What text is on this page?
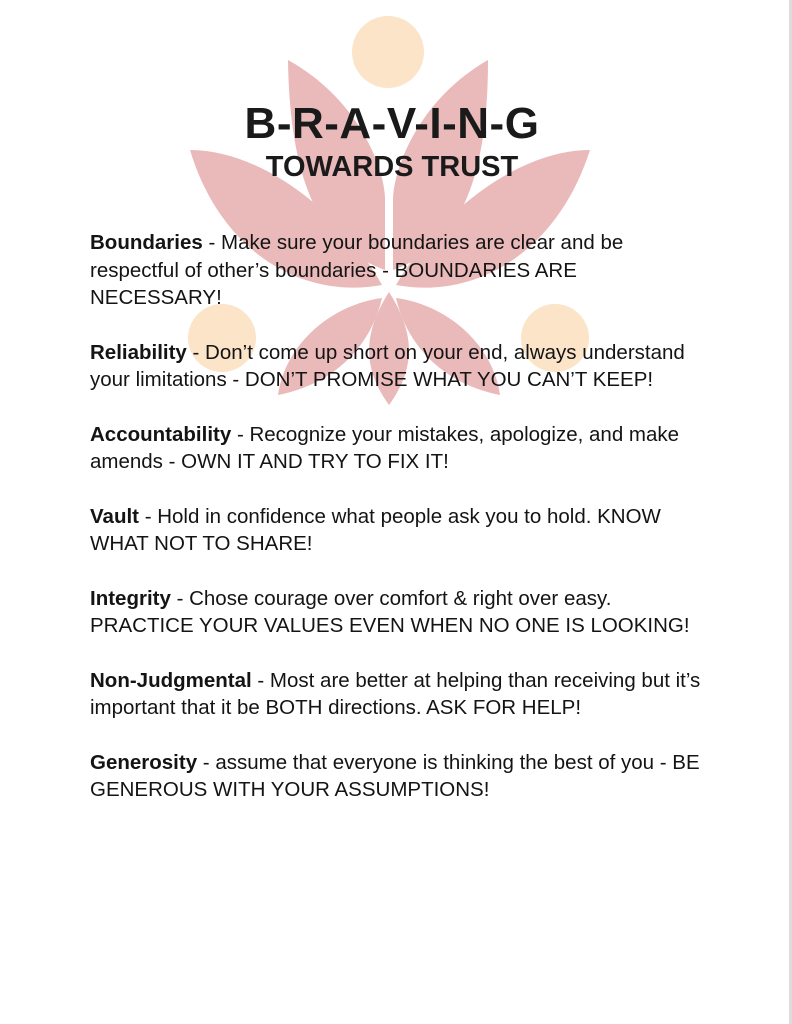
B-R-A-V-I-N-G
TOWARDS TRUST

Boundaries - Make sure your boundaries are clear and be respectful of other’s boundaries - BOUNDARIES ARE NECESSARY!

Reliability - Don’t come up short on your end, always understand your limitations - DON’T PROMISE WHAT YOU CAN’T KEEP!

Accountability - Recognize your mistakes, apologize, and make amends - OWN IT AND TRY TO FIX IT!

Vault - Hold in confidence what people ask you to hold. KNOW WHAT NOT TO SHARE!

Integrity - Chose courage over comfort & right over easy. PRACTICE YOUR VALUES EVEN WHEN NO ONE IS LOOKING!

Non-Judgmental - Most are better at helping than receiving but it’s important that it be BOTH directions. ASK FOR HELP!

Generosity - assume that everyone is thinking the best of you - BE GENEROUS WITH YOUR ASSUMPTIONS!
